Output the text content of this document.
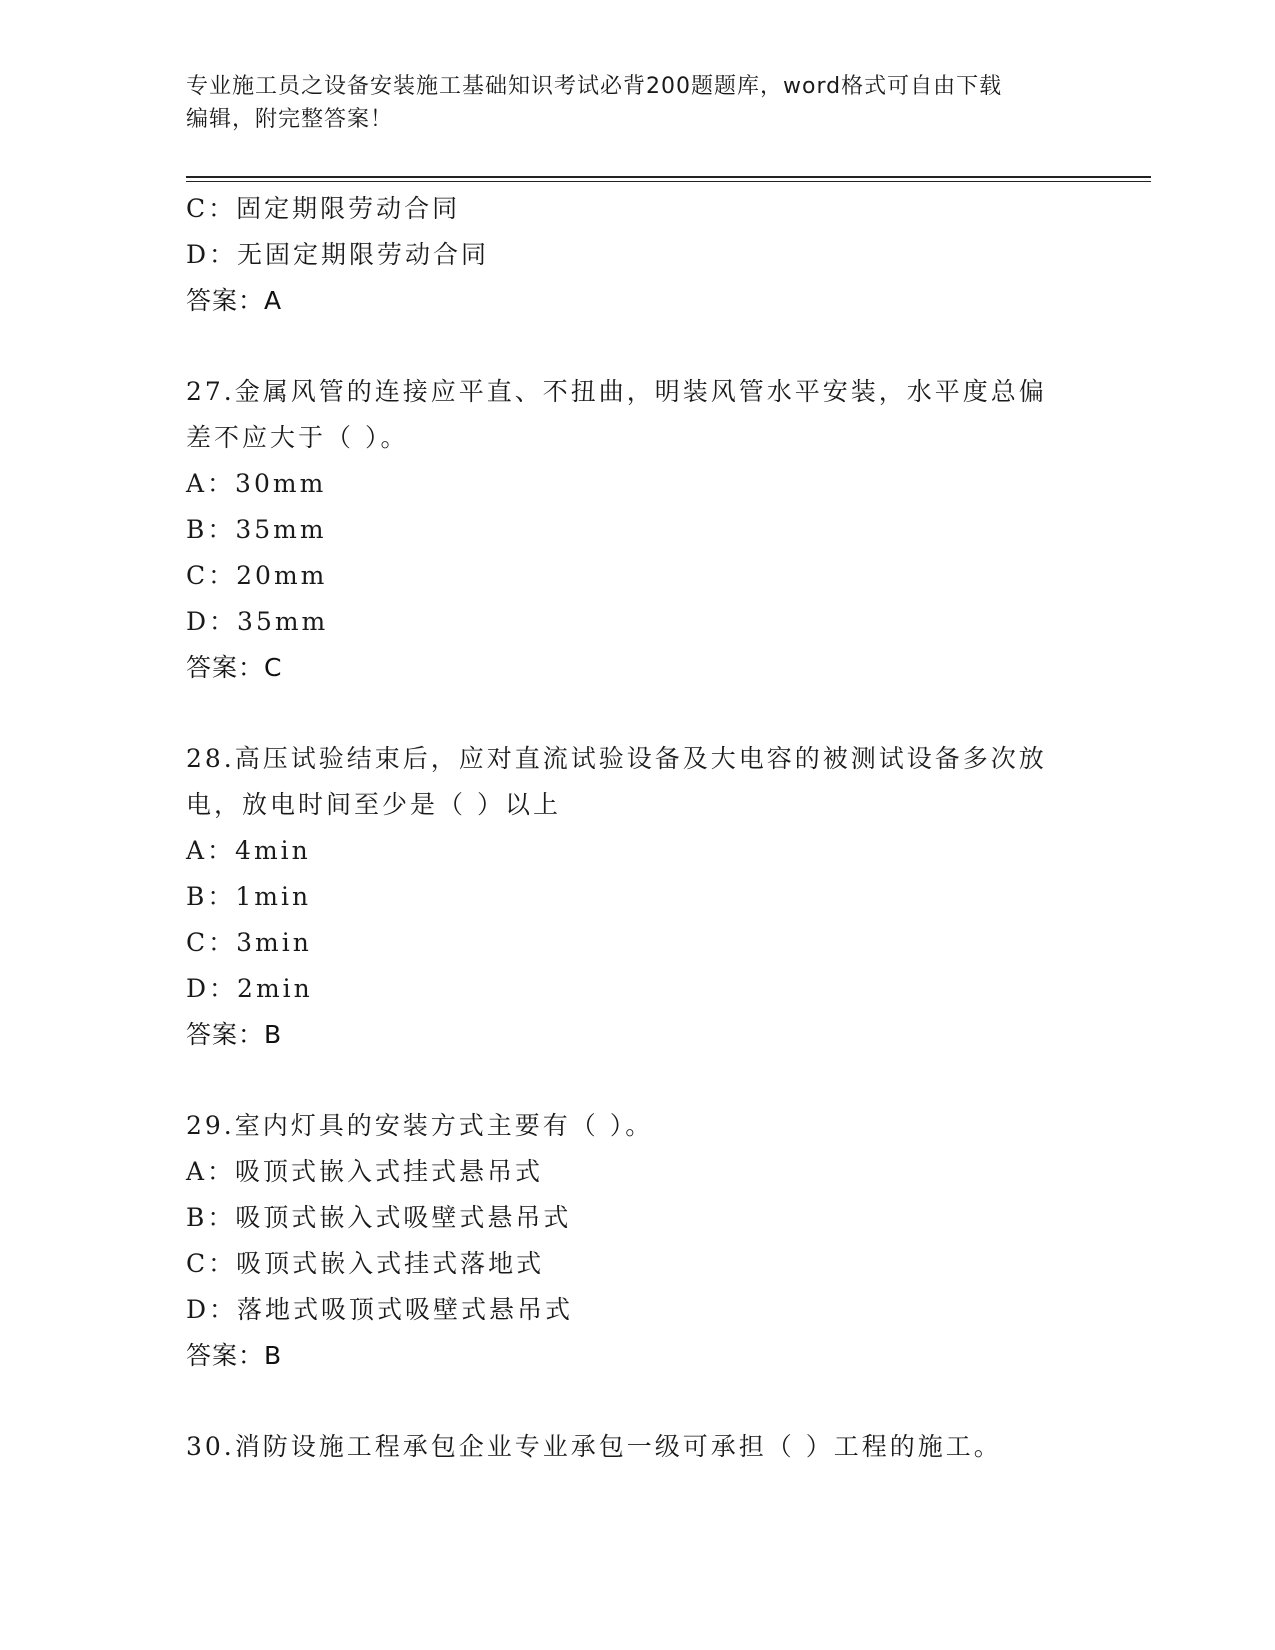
专业施工员之设备安装施工基础知识考试必背200题题库，word格式可自由下载
编辑，附完整答案！
C：固定期限劳动合同
D：无固定期限劳动合同
答案：A
27.金属风管的连接应平直、不扭曲，明装风管水平安装，水平度总偏
差不应大于（ ）。
A：30mm
B：35mm
C：20mm
D：35mm
答案：C
28.高压试验结束后，应对直流试验设备及大电容的被测试设备多次放
电，放电时间至少是（ ）以上
A：4min
B：1min
C：3min
D：2min
答案：B
29.室内灯具的安装方式主要有（ ）。
A：吸顶式嵌入式挂式悬吊式
B：吸顶式嵌入式吸壁式悬吊式
C：吸顶式嵌入式挂式落地式
D：落地式吸顶式吸壁式悬吊式
答案：B
30.消防设施工程承包企业专业承包一级可承担（ ）工程的施工。
